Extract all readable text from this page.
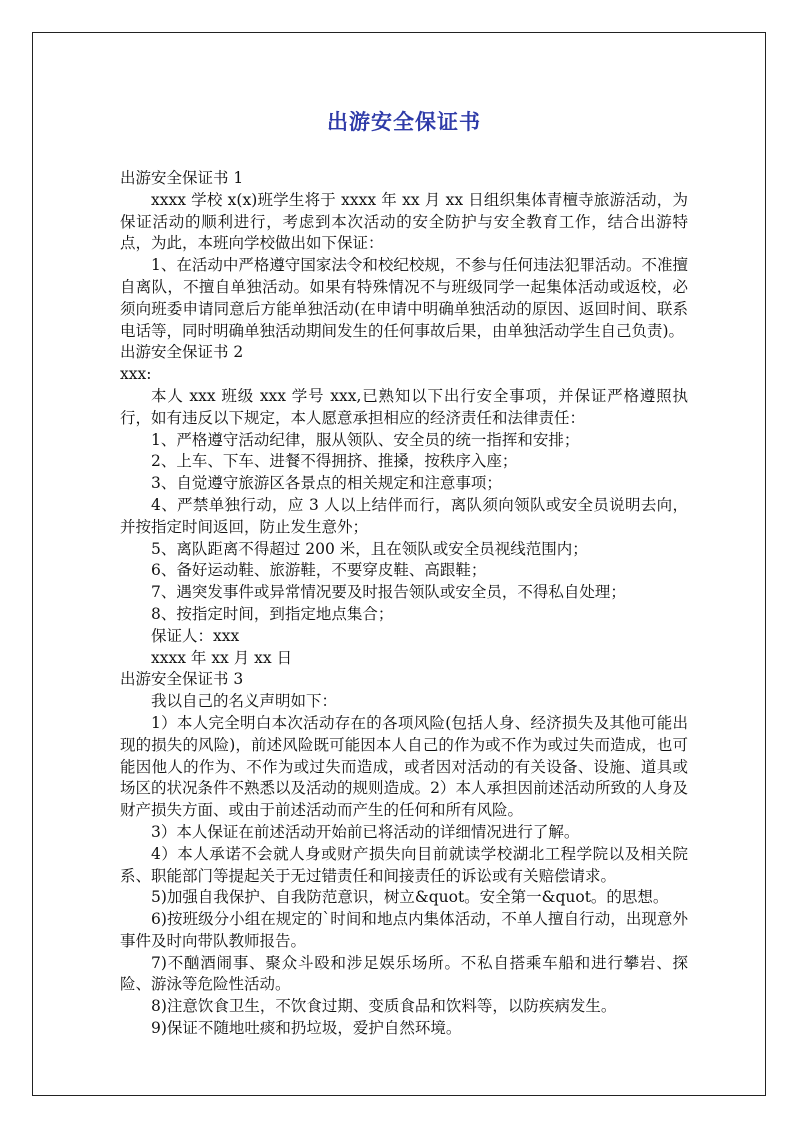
出游安全保证书

出游安全保证书 1

xxxx 学校 x(x)班学生将于 xxxx 年 xx 月 xx 日组织集体青檀寺旅游活动，为保证活动的顺利进行，考虑到本次活动的安全防护与安全教育工作，结合出游特点，为此，本班向学校做出如下保证：

1、在活动中严格遵守国家法令和校纪校规，不参与任何违法犯罪活动。不准擅自离队，不擅自单独活动。如果有特殊情况不与班级同学一起集体活动或返校，必须向班委申请同意后方能单独活动(在申请中明确单独活动的原因、返回时间、联系电话等，同时明确单独活动期间发生的任何事故后果，由单独活动学生自己负责)。

出游安全保证书 2

xxx:

本人 xxx 班级 xxx 学号 xxx,已熟知以下出行安全事项，并保证严格遵照执行，如有违反以下规定，本人愿意承担相应的经济责任和法律责任：

1、严格遵守活动纪律，服从领队、安全员的统一指挥和安排；

2、上车、下车、进餐不得拥挤、推搡，按秩序入座；

3、自觉遵守旅游区各景点的相关规定和注意事项；

4、严禁单独行动，应 3 人以上结伴而行，离队须向领队或安全员说明去向，并按指定时间返回，防止发生意外；

5、离队距离不得超过 200 米，且在领队或安全员视线范围内；

6、备好运动鞋、旅游鞋，不要穿皮鞋、高跟鞋；

7、遇突发事件或异常情况要及时报告领队或安全员，不得私自处理；

8、按指定时间，到指定地点集合；

保证人：xxx

xxxx 年 xx 月 xx 日

出游安全保证书 3

我以自己的名义声明如下：

1）本人完全明白本次活动存在的各项风险(包括人身、经济损失及其他可能出现的损失的风险)，前述风险既可能因本人自己的作为或不作为或过失而造成，也可能因他人的作为、不作为或过失而造成，或者因对活动的有关设备、设施、道具或场区的状况条件不熟悉以及活动的规则造成。2）本人承担因前述活动所致的人身及财产损失方面、或由于前述活动而产生的任何和所有风险。

3）本人保证在前述活动开始前已将活动的详细情况进行了解。

4）本人承诺不会就人身或财产损失向目前就读学校湖北工程学院以及相关院系、职能部门等提起关于无过错责任和间接责任的诉讼或有关赔偿请求。

5)加强自我保护、自我防范意识，树立&quot。安全第一&quot。的思想。

6)按班级分小组在规定的`时间和地点内集体活动，不单人擅自行动，出现意外事件及时向带队教师报告。

7)不酗酒闹事、聚众斗殴和涉足娱乐场所。不私自搭乘车船和进行攀岩、探险、游泳等危险性活动。

8)注意饮食卫生，不饮食过期、变质食品和饮料等，以防疾病发生。

9)保证不随地吐痰和扔垃圾，爱护自然环境。
